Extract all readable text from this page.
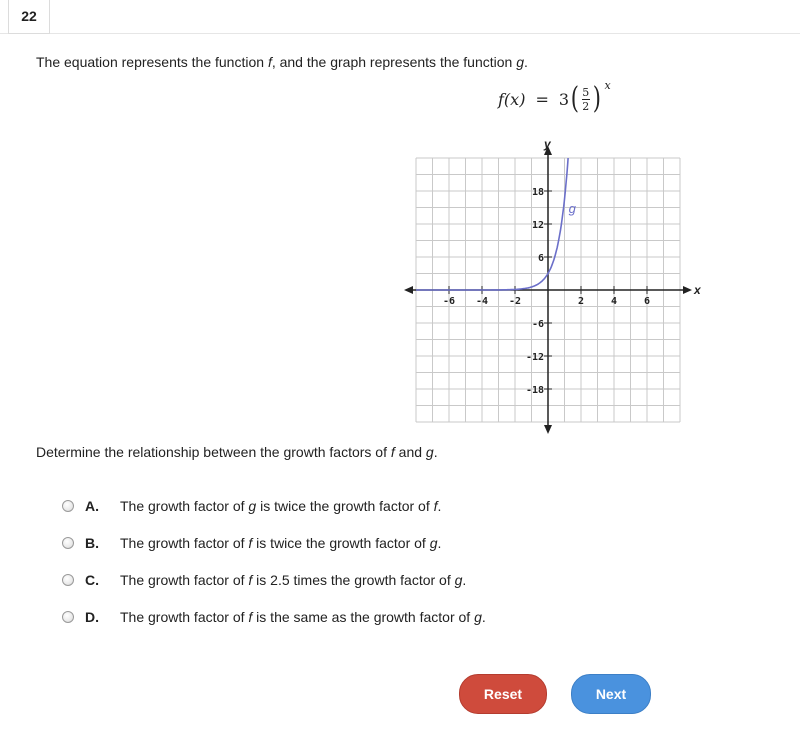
22
The equation represents the function f, and the graph represents the function g.
f(x) = 3 ( $\frac{5}{2}$ ) x
y
x
-6 -4 -2	2	4	6
18
12
6
-6
-12
-18
g
Determine the relationship between the growth factors of f and g.
A. The growth factor of g is twice the growth factor of f.
B. The growth factor of f is twice the growth factor of g.
C. The growth factor of f is 2.5 times the growth factor of g.
D. The growth factor of f is the same as the growth factor of g.
Reset	Next
